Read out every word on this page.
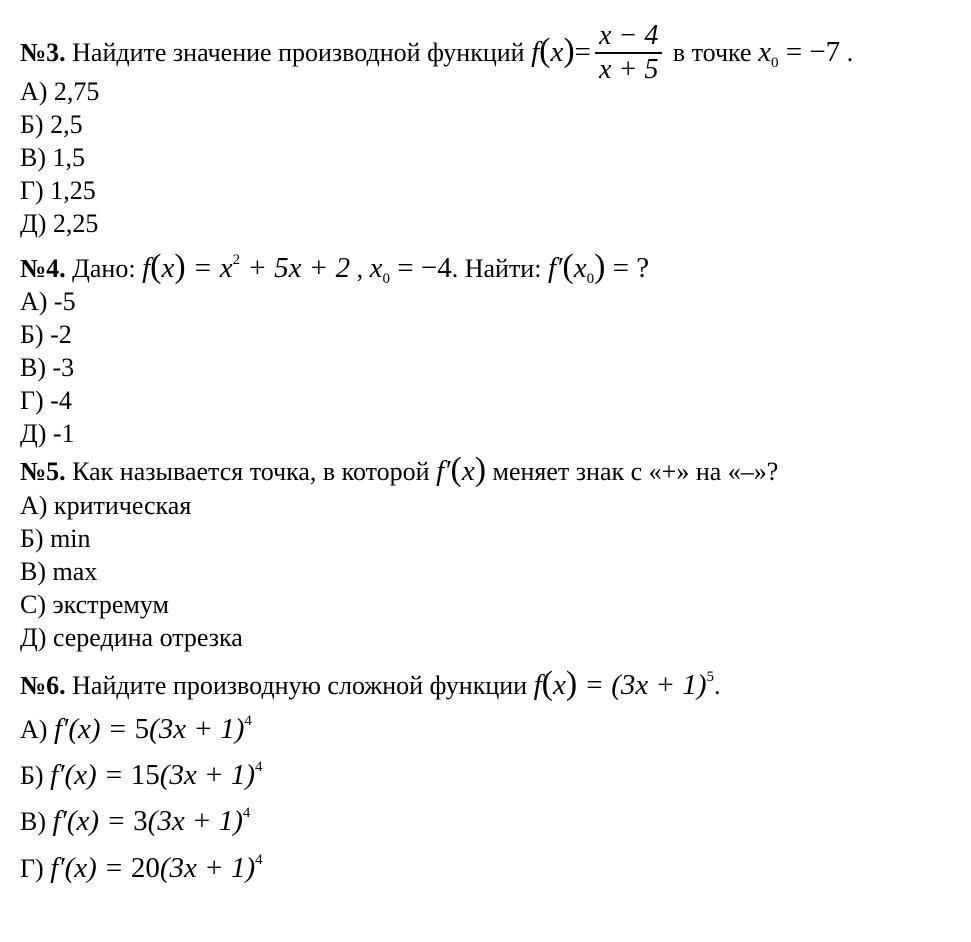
№3. Найдите значение производной функций $f(x)= \frac{x - 4}{x + 5}$ в точке $x_0 = -7$ .
А) 2,75
Б) 2,5
В) 1,5
Г) 1,25
Д) 2,25
№4. Дано: $f(x) = x^2 + 5x + 2$ , $x_0 = -4$. Найти: $f'(x_0)$ = ?
А) -5
Б) -2
В) -3
Г) -4
Д) -1
№5. Как называется точка, в которой f′(x) меняет знак с «+» на «–»?
А) критическая
Б) min
В) max
С) экстремум
Д) середина отрезка
№6. Найдите производную сложной функции $f(x) = (3x + 1)^5$.
А) $f'(x) = 5(3x + 1)^4$
Б) $f'(x) = 15(3x + 1)^4$
В) $f'(x) = 3(3x + 1)^4$
Г) $f'(x) = 20(3x + 1)^4$
